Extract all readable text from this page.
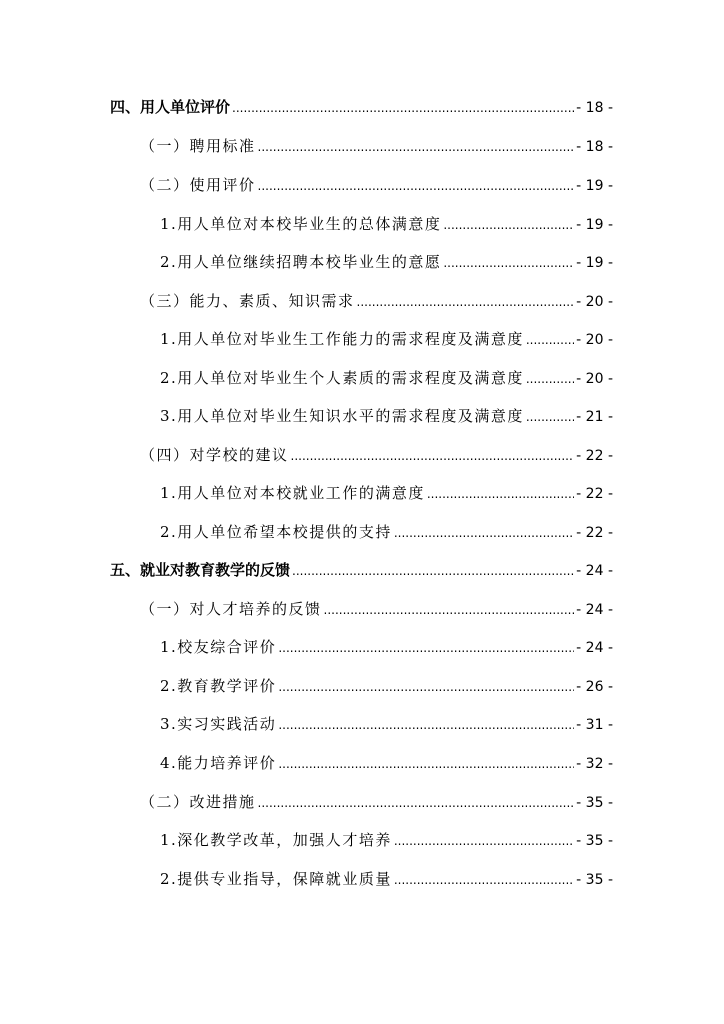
四、用人单位评价 .....	- 18 -
（一）聘用标准 .....	- 18 -
（二）使用评价 .....	- 19 -
1.用人单位对本校毕业生的总体满意度 .....	- 19 -
2.用人单位继续招聘本校毕业生的意愿 .....	- 19 -
（三）能力、素质、知识需求 .....	- 20 -
1.用人单位对毕业生工作能力的需求程度及满意度 .....	- 20 -
2.用人单位对毕业生个人素质的需求程度及满意度 .....	- 20 -
3.用人单位对毕业生知识水平的需求程度及满意度 .....	- 21 -
（四）对学校的建议 .....	- 22 -
1.用人单位对本校就业工作的满意度 .....	- 22 -
2.用人单位希望本校提供的支持 .....	- 22 -
五、就业对教育教学的反馈 .....	- 24 -
（一）对人才培养的反馈 .....	- 24 -
1.校友综合评价 .....	- 24 -
2.教育教学评价 .....	- 26 -
3.实习实践活动 .....	- 31 -
4.能力培养评价 .....	- 32 -
（二）改进措施 .....	- 35 -
1.深化教学改革，加强人才培养 .....	- 35 -
2.提供专业指导，保障就业质量 .....	- 35 -
